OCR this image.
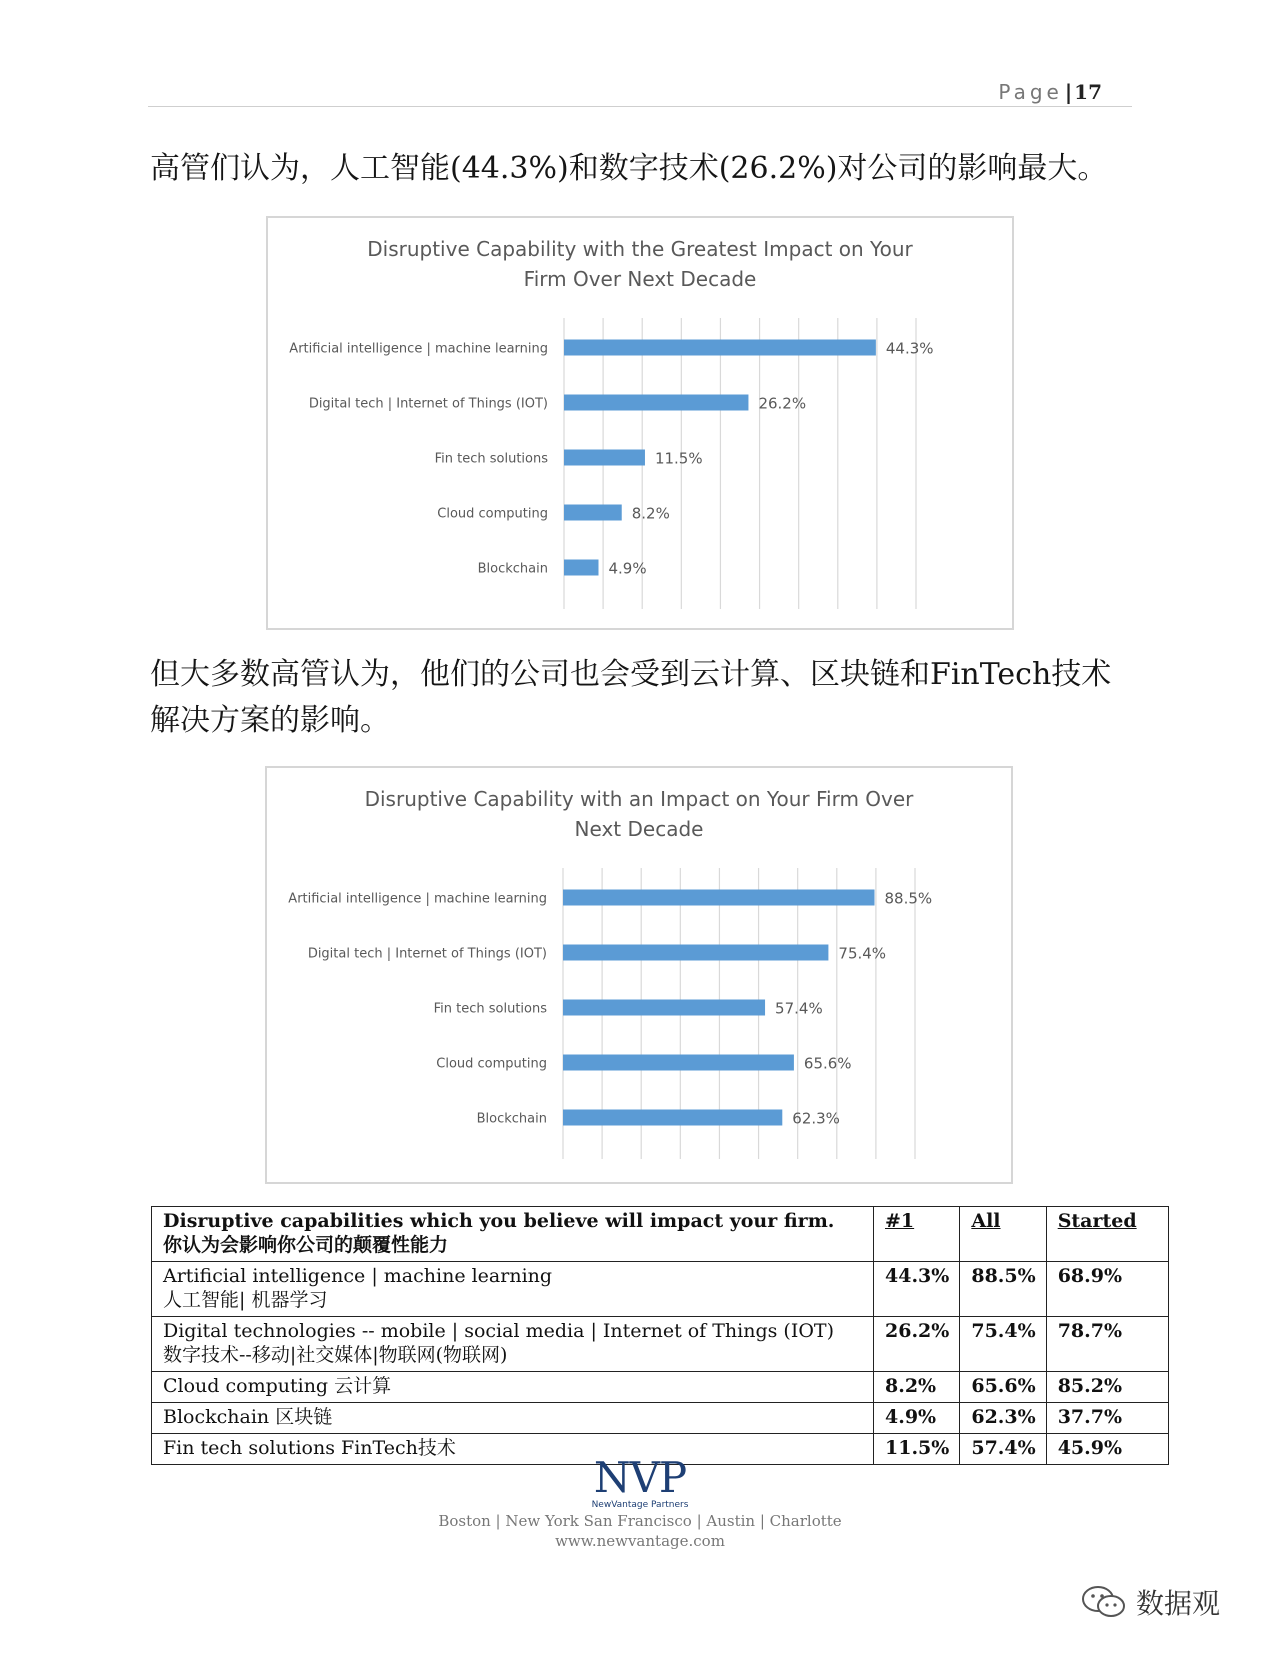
Page | 17

高管们认为，人工智能(44.3%)和数字技术(26.2%)对公司的影响最大。

Disruptive Capability with the Greatest Impact on Your
Firm Over Next Decade
Artificial intelligence | machine learning	44.3%
Digital tech | Internet of Things (IOT)	26.2%
Fin tech solutions	11.5%
Cloud computing	8.2%
Blockchain	4.9%

但大多数高管认为，他们的公司也会受到云计算、区块链和FinTech技术解决方案的影响。

Disruptive Capability with an Impact on Your Firm Over
Next Decade
Artificial intelligence | machine learning	88.5%
Digital tech | Internet of Things (IOT)	75.4%
Fin tech solutions	57.4%
Cloud computing	65.6%
Blockchain	62.3%
Disruptive capabilities which you believe will impact your firm.
你认为会影响你公司的颠覆性能力	#1	All	Started

Artificial intelligence | machine learning
人工智能| 机器学习	44.3%	88.5%	68.9%

Digital technologies -- mobile | social media | Internet of Things (IOT)
数字技术--移动|社交媒体|物联网(物联网)	26.2%	75.4%	78.7%

Cloud computing 云计算	8.2%	65.6%	85.2%

Blockchain 区块链	4.9%	62.3%	37.7%

Fin tech solutions FinTech技术	11.5%	57.4%	45.9%
NVP
NewVantage Partners
Boston | New York San Francisco | Austin | Charlotte
www.newvantage.com
数据观
